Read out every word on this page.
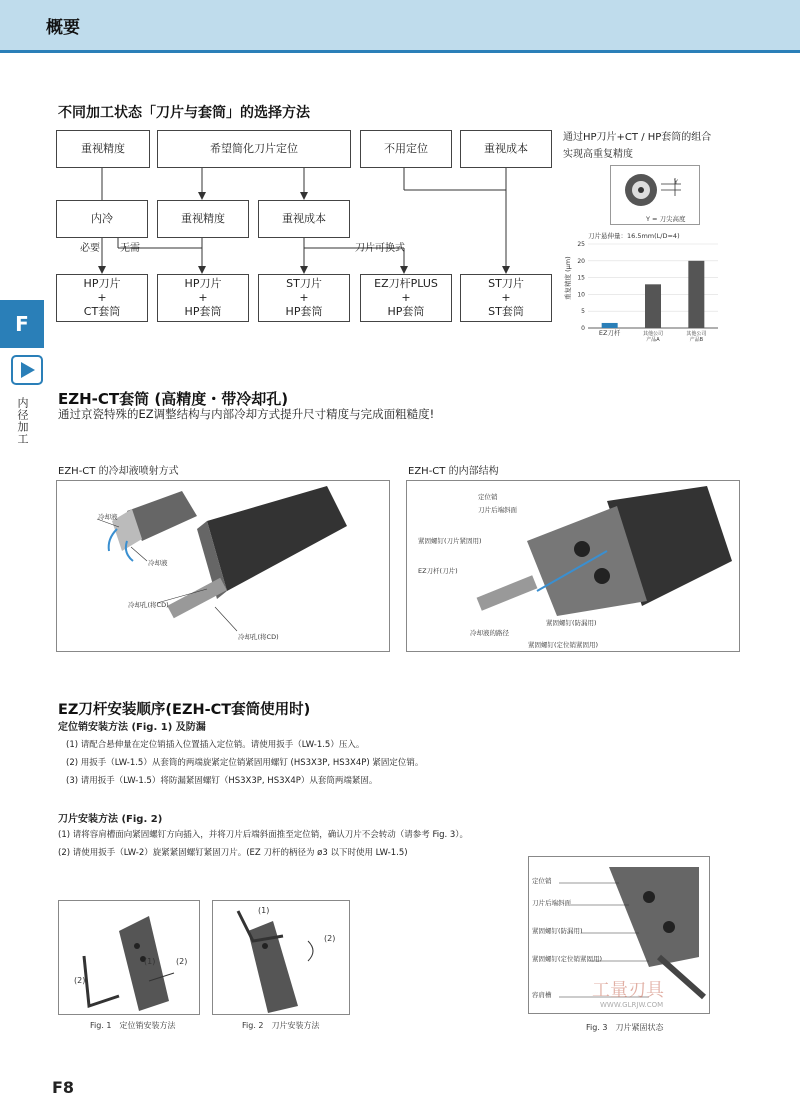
概要
F
内径加工
不同加工状态「刀片与套筒」的选择方法
重视精度	希望简化刀片定位	不用定位	重视成本
内冷	重视精度	重视成本
必要 无需	刀片可换式
HP刀片
+
CT套筒
HP刀片
+
HP套筒
ST刀片
+
HP套筒
EZ刀杆PLUS
+
HP套筒
ST刀片
+
ST套筒
通过HP刀片+CT / HP套筒的组合
实现高重复精度
Y
Y = 刀尖高度
刀片悬伸量：16.5mm(L/D=4)
重复精度 (μm)
0
5
10
15
20
25
EZ刀杆	其他公司
产品A
其他公司
产品B
EZH-CT套筒 (高精度・带冷却孔)
通过京瓷特殊的EZ调整结构与内部冷却方式提升尺寸精度与完成面粗糙度!
EZH-CT 的冷却液喷射方式	EZH-CT 的内部结构
冷却液
冷却液
冷却孔(将CD)
冷却孔(将CD)
定位销
刀片后端斜面
紧固螺钉(刀片紧固用)
EZ刀杆(刀片)
冷却液的路径
紧固螺钉(防漏用)
紧固螺钉(定位销紧固用)
EZ刀杆安装顺序(EZH-CT套筒使用时)
定位销安装方法 (Fig. 1) 及防漏
(1) 请配合悬伸量在定位销插入位置插入定位销。请使用扳手（LW-1.5）压入。
(2) 用扳手（LW-1.5）从套筒的两端旋紧定位销紧固用螺钉 (HS3X3P, HS3X4P) 紧固定位销。
(3) 请用扳手（LW-1.5）将防漏紧固螺钉（HS3X3P, HS3X4P）从套筒两端紧固。
刀片安装方法 (Fig. 2)
(1) 请将容肩槽面向紧固螺钉方向插入，并将刀片后端斜面推至定位销，确认刀片不会转动（请参考 Fig. 3）。
(2) 请使用扳手（LW-2）旋紧紧固螺钉紧固刀片。(EZ 刀杆的柄径为 ø3 以下时使用 LW-1.5)
(1)	(2)
(2)
Fig. 1　定位销安装方法
(1)
(2)
Fig. 2　刀片安装方法
定位销
刀片后端斜面
紧固螺钉(防漏用)
紧固螺钉(定位销紧固用)
容肩槽 工量刃具
WWW.GLRJW.COM
Fig. 3　刀片紧固状态
F8
